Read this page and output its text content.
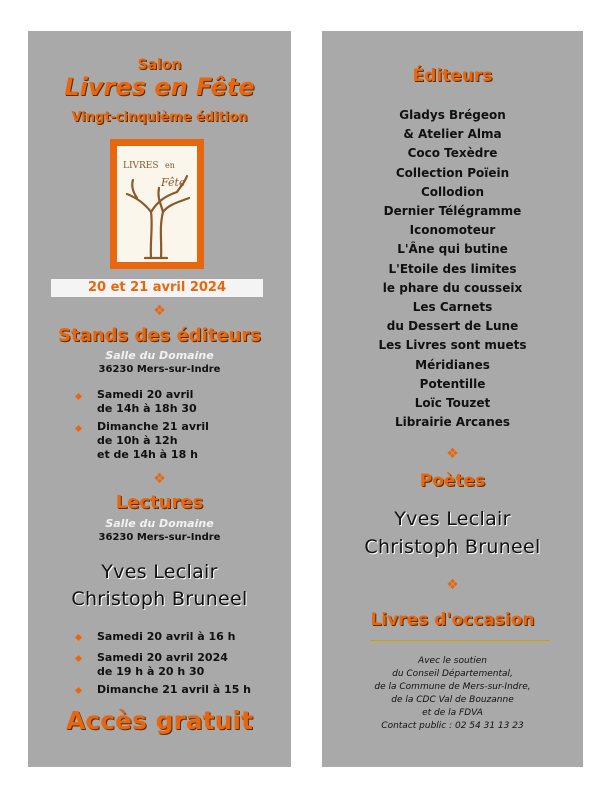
Salon
Livres en Fête
Vingt-cinquième édition
LIVRES en
Fête
20 et 21 avril 2024
❖
Stands des éditeurs
Salle du Domaine
36230 Mers-sur-Indre
Samedi 20 avril
de 14h à 18h 30
Dimanche 21 avril
de 10h à 12h
et de 14h à 18 h
❖
Lectures
Salle du Domaine
36230 Mers-sur-Indre
Yves Leclair
Christoph Bruneel
Samedi 20 avril à 16 h
Samedi 20 avril 2024
de 19 h à 20 h 30
Dimanche 21 avril à 15 h
Accès gratuit
Éditeurs
Gladys Brégeon
& Atelier Alma
Coco Texèdre
Collection Poïein
Collodion
Dernier Télégramme
Iconomoteur
L'Âne qui butine
L'Etoile des limites
le phare du cousseix
Les Carnets
du Dessert de Lune
Les Livres sont muets
Méridianes
Potentille
Loïc Touzet
Librairie Arcanes
❖
Poètes
Yves Leclair
Christoph Bruneel
❖
Livres d'occasion
Avec le soutien
du Conseil Départemental,
de la Commune de Mers-sur-Indre,
de la CDC Val de Bouzanne
et de la FDVA
Contact public : 02 54 31 13 23
